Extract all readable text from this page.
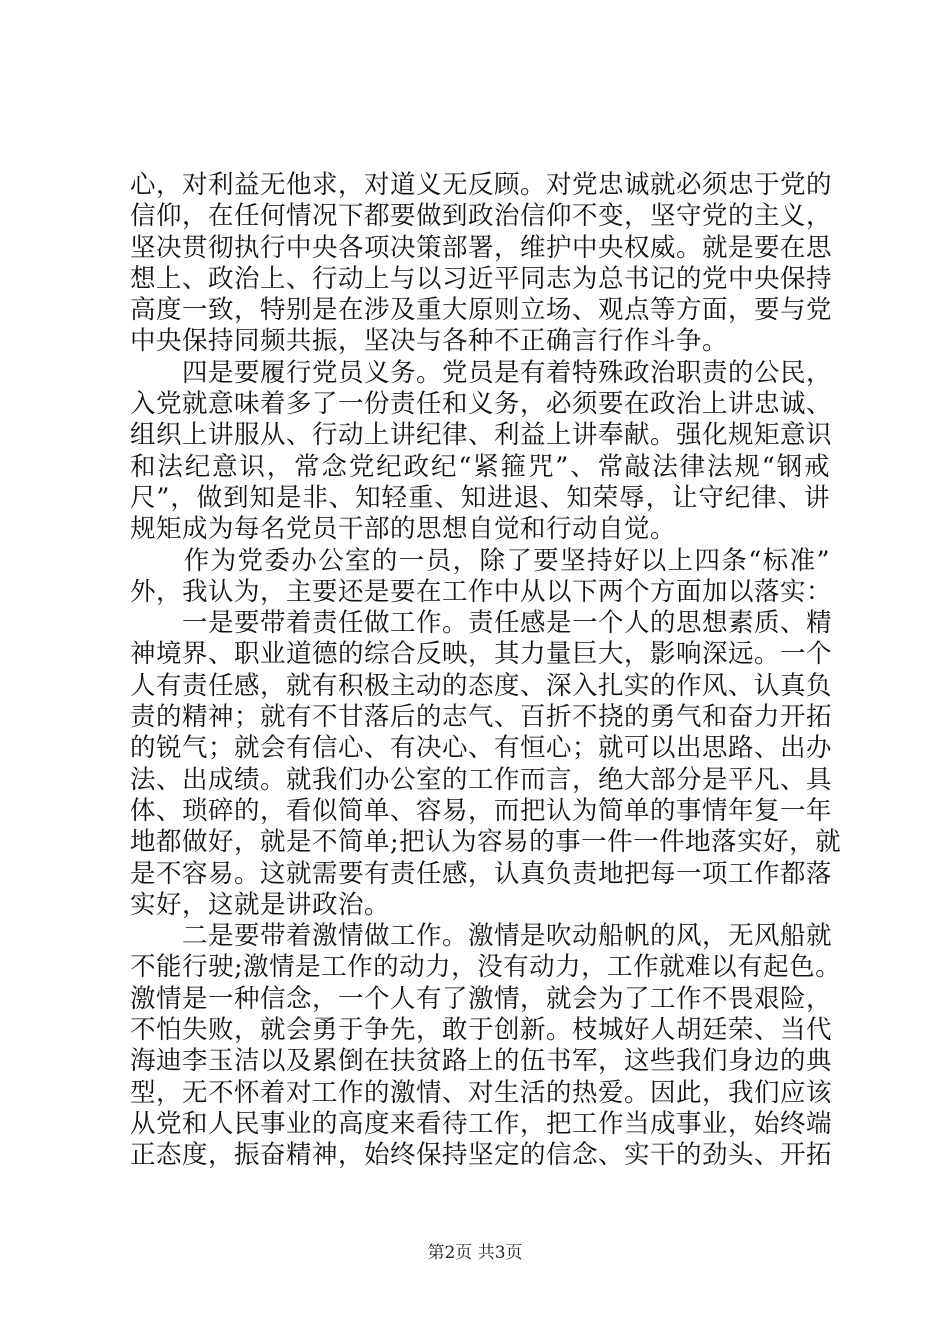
心，对利益无他求，对道义无反顾。对党忠诚就必须忠于党的
信仰，在任何情况下都要做到政治信仰不变，坚守党的主义，
坚决贯彻执行中央各项决策部署，维护中央权威。就是要在思
想上、政治上、行动上与以习近平同志为总书记的党中央保持
高度一致，特别是在涉及重大原则立场、观点等方面，要与党
中央保持同频共振，坚决与各种不正确言行作斗争。
　　四是要履行党员义务。党员是有着特殊政治职责的公民，
入党就意味着多了一份责任和义务，必须要在政治上讲忠诚、
组织上讲服从、行动上讲纪律、利益上讲奉献。强化规矩意识
和法纪意识，常念党纪政纪“紧箍咒”、常敲法律法规“钢戒
尺”，做到知是非、知轻重、知进退、知荣辱，让守纪律、讲
规矩成为每名党员干部的思想自觉和行动自觉。
　　作为党委办公室的一员，除了要坚持好以上四条“标准”
外，我认为，主要还是要在工作中从以下两个方面加以落实：
　　一是要带着责任做工作。责任感是一个人的思想素质、精
神境界、职业道德的综合反映，其力量巨大，影响深远。一个
人有责任感，就有积极主动的态度、深入扎实的作风、认真负
责的精神；就有不甘落后的志气、百折不挠的勇气和奋力开拓
的锐气；就会有信心、有决心、有恒心；就可以出思路、出办
法、出成绩。就我们办公室的工作而言，绝大部分是平凡、具
体、琐碎的，看似简单、容易，而把认为简单的事情年复一年
地都做好，就是不简单;把认为容易的事一件一件地落实好，就
是不容易。这就需要有责任感，认真负责地把每一项工作都落
实好，这就是讲政治。
　　二是要带着激情做工作。激情是吹动船帆的风，无风船就
不能行驶;激情是工作的动力，没有动力，工作就难以有起色。
激情是一种信念，一个人有了激情，就会为了工作不畏艰险，
不怕失败，就会勇于争先，敢于创新。枝城好人胡廷荣、当代
海迪李玉洁以及累倒在扶贫路上的伍书军，这些我们身边的典
型，无不怀着对工作的激情、对生活的热爱。因此，我们应该
从党和人民事业的高度来看待工作，把工作当成事业，始终端
正态度，振奋精神，始终保持坚定的信念、实干的劲头、开拓
第2页 共3页
